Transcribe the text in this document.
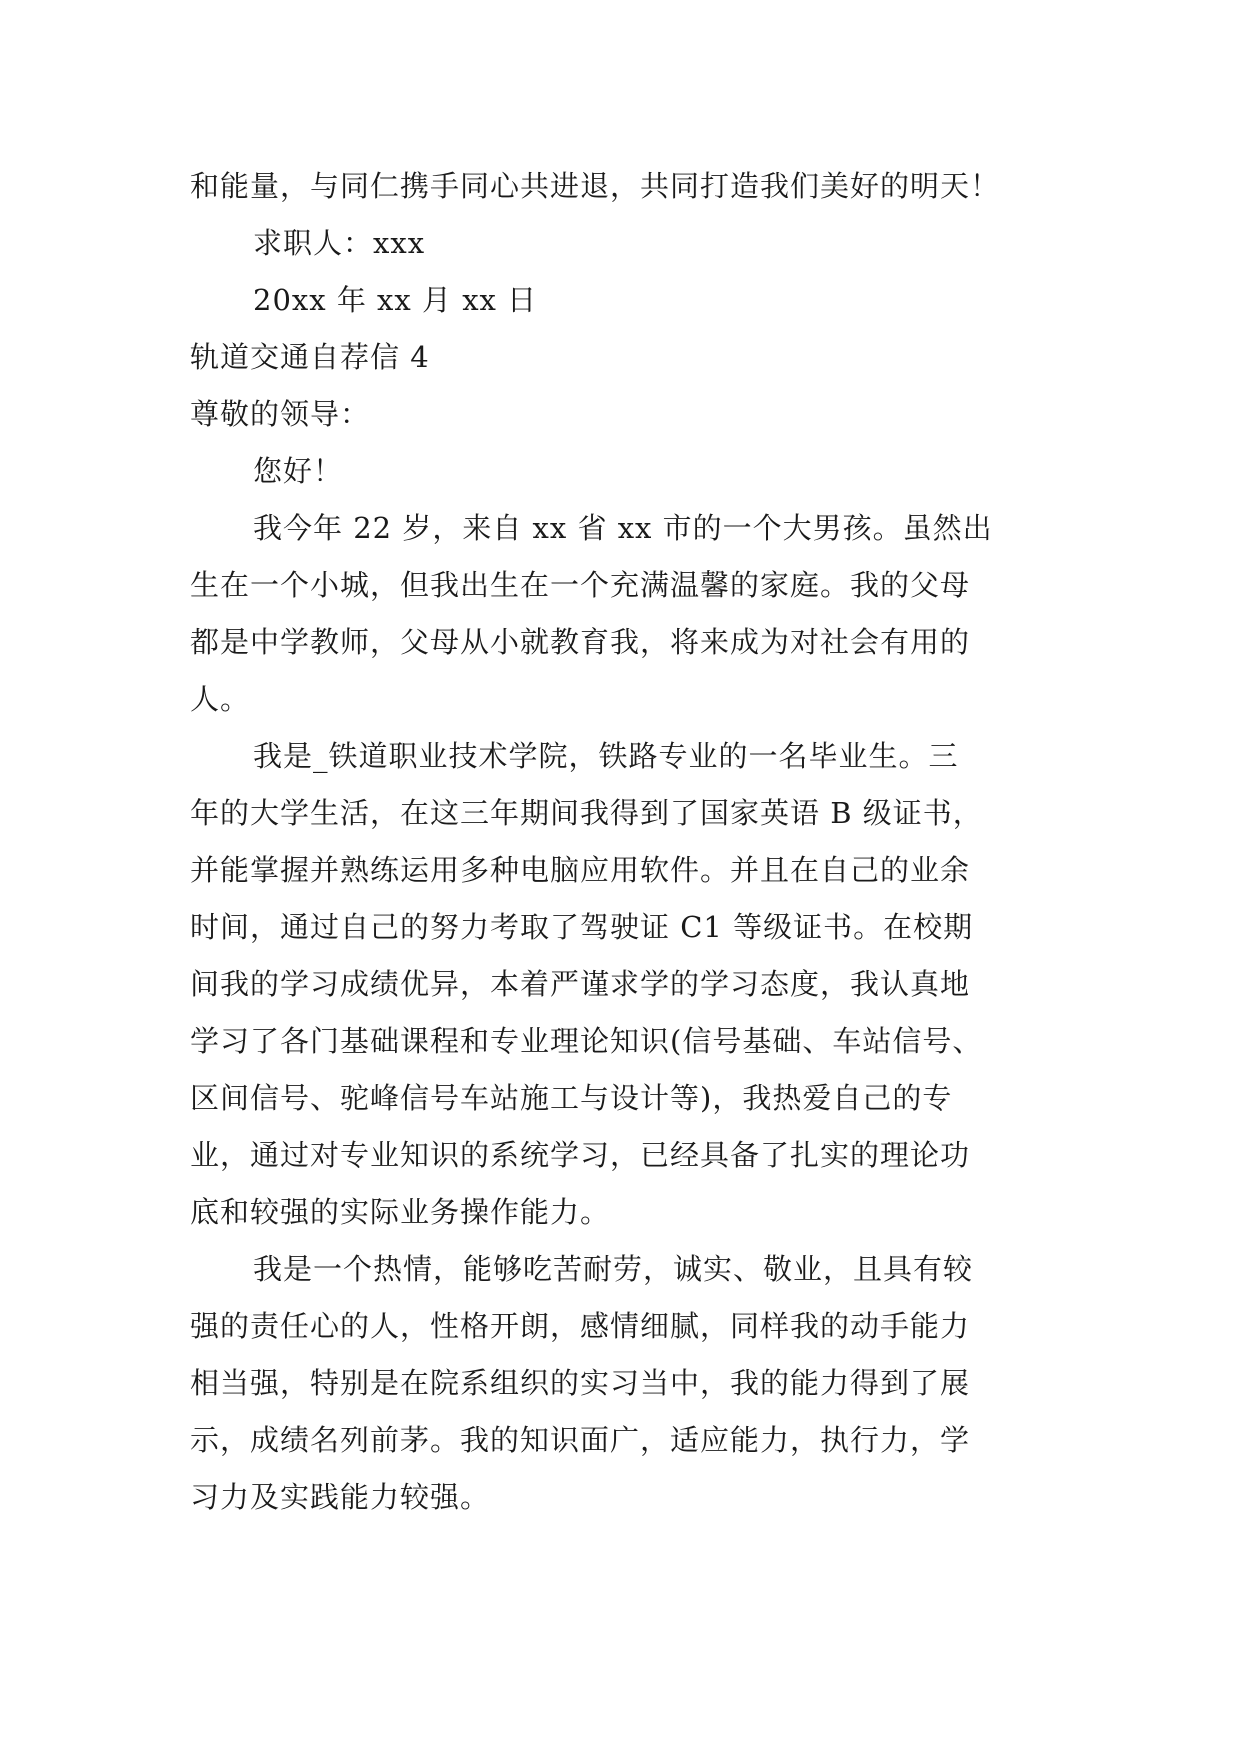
和能量，与同仁携手同心共进退，共同打造我们美好的明天！
求职人：xxx
20xx 年 xx 月 xx 日
轨道交通自荐信 4
尊敬的领导：
您好！
我今年 22 岁，来自 xx 省 xx 市的一个大男孩。虽然出
生在一个小城，但我出生在一个充满温馨的家庭。我的父母
都是中学教师，父母从小就教育我，将来成为对社会有用的
人。
我是_铁道职业技术学院，铁路专业的一名毕业生。三
年的大学生活，在这三年期间我得到了国家英语 B 级证书，
并能掌握并熟练运用多种电脑应用软件。并且在自己的业余
时间，通过自己的努力考取了驾驶证 C1 等级证书。在校期
间我的学习成绩优异，本着严谨求学的学习态度，我认真地
学习了各门基础课程和专业理论知识(信号基础、车站信号、
区间信号、驼峰信号车站施工与设计等)，我热爱自己的专
业，通过对专业知识的系统学习，已经具备了扎实的理论功
底和较强的实际业务操作能力。
我是一个热情，能够吃苦耐劳，诚实、敬业，且具有较
强的责任心的人，性格开朗，感情细腻，同样我的动手能力
相当强，特别是在院系组织的实习当中，我的能力得到了展
示，成绩名列前茅。我的知识面广，适应能力，执行力，学
习力及实践能力较强。
